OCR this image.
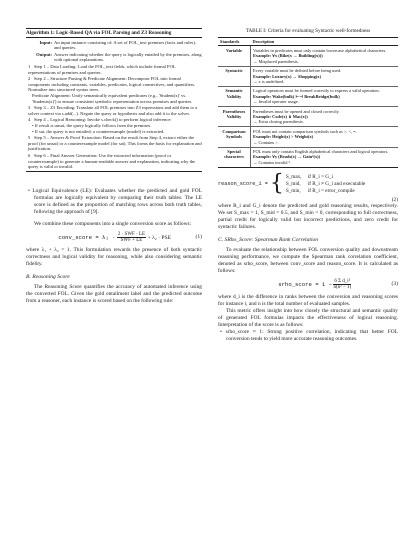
Algorithm 1: Logic-Based QA via FOL Parsing and Z3 Reasoning
Input: An input instance consisting of: A set of FOL_text premises (facts and rules), and queries.
Output: Answer indicating whether the query is logically entailed by the premises, along with optional explanations.
1 Step 1 – Data Loading: Load the FOL_text fields, which include formal FOL representations of premises and queries.
2 Step 2 – Structure Parsing & Predicate Alignment: Decompose FOL into formal components including constants, variables, predicates, logical connectives, and quantifiers. Normalize into structured syntax trees.
Predicate Alignment: Unify semantically equivalent predicates (e.g., 'Student(x)' vs. 'Students(x)') to ensure consistent symbolic representation across premises and queries.
3 Step 3 – Z3 Encoding: Translate all FOL premises into Z3 expressions and add them to a solver context via s.add(...). Negate the query or hypothesis and also add it to the solver.
4 Step 4 – Logical Reasoning: Invoke s.check() to perform logical inference:
• If result is unsat, the query logically follows from the premises.
• If sat, the query is not entailed; a counterexample (model) is extracted.
5 Step 5 – Answer & Proof Extraction: Based on the result from Step 4, extract either the proof (for unsat) or a counterexample model (for sat). This forms the basis for explanation and justification.
6 Step 6 – Final Answer Generation: Use the extracted information (proof or counterexample) to generate a human-readable answer and explanation, indicating why the query is valid or invalid.
• Logical Equivalence (LE): Evaluates whether the predicted and gold FOL formulas are logically equivalent by comparing their truth tables. The LE score is defined as the proportion of matching rows across both truth tables, following the approach of [9].
We combine these components into a single conversion score as follows:
conv_score = $\lambda_1 \cdot \frac{\text{2 · SWF · LE}}{\text{SWF + LE}} + \lambda_2$ · PSE	(1)
where λ₁ + λ₂ = 1. This formulation rewards the presence of both syntactic correctness and logical validity for reasoning, while also considering semantic fidelity.
B. Reasoning Score
The Reasoning Score quantifies the accuracy of automated inference using the converted FOL. Given the gold entailment label and the predicted outcome from a reasoner, each instance is scored based on the following rule:
TABLE I: Criteria for evaluating Syntactic well-formedness
Standards	Description
Variable	Variables in predicates must only contain lowercase alphabetical characters.
Example: ∀x (Bike(x → Building(x)))
→ Misplaced parenthesis.

Syntactic	Every variable must be defined before being used.
Example: Luxury(x) → Shopping(x)
→ x is undefined.

Semantic Validity	Logical operators must be formed correctly to express a valid operation.
Example: Wake(bulk) ⊢⊣ BreakBridge(bulk)
→ Invalid operator usage.

Parentheses Validity	Parentheses must be opened and closed correctly.
Example: Code(x) ∧ Mac(x))
→ Extra closing parenthesis.

Comparison Symbols	FOL must not contain comparison symbols such as >, <, =.
Example: Height(x) > Weight(x)
→ Contains >.

Special characters	FOL must only contain English alphabetical characters and logical operators.
Example: ∀y (Reads(x) → Gain²(x))
→ Contains invalid ².
reason_score_i = { S_max, if R_i = G_i
S_mid, if R_i ≠ G_i and executable
S_min, if R_i = error_compile
(2)
where R_i and G_i denote the predicted and gold reasoning results, respectively. We set S_max = 1, S_mid = 0.5, and S_min = 0, corresponding to full correctness, partial credit for logically valid but incorrect predictions, and zero credit for syntactic failures.
C. SRho_Score: Spearman Rank Correlation
To evaluate the relationship between FOL conversion quality and downstream reasoning performance, we compute the Spearman rank correlation coefficient, denoted as srho_score, between conv_score and reason_score. It is calculated as follows:
srho_score = $1 - \frac{\text{6 Σ d\_i²}}{\text{n(n² − 1)}}$	(3)
where d_i is the difference in ranks between the conversion and reasoning scores for instance i, and n is the total number of evaluated samples.
This metric offers insight into how closely the structural and semantic quality of generated FOL formulas impacts the effectiveness of logical reasoning. Interpretation of the score is as follows:
• srho_score ≈ 1: Strong positive correlation, indicating that better FOL conversion tends to yield more accurate reasoning outcomes.
